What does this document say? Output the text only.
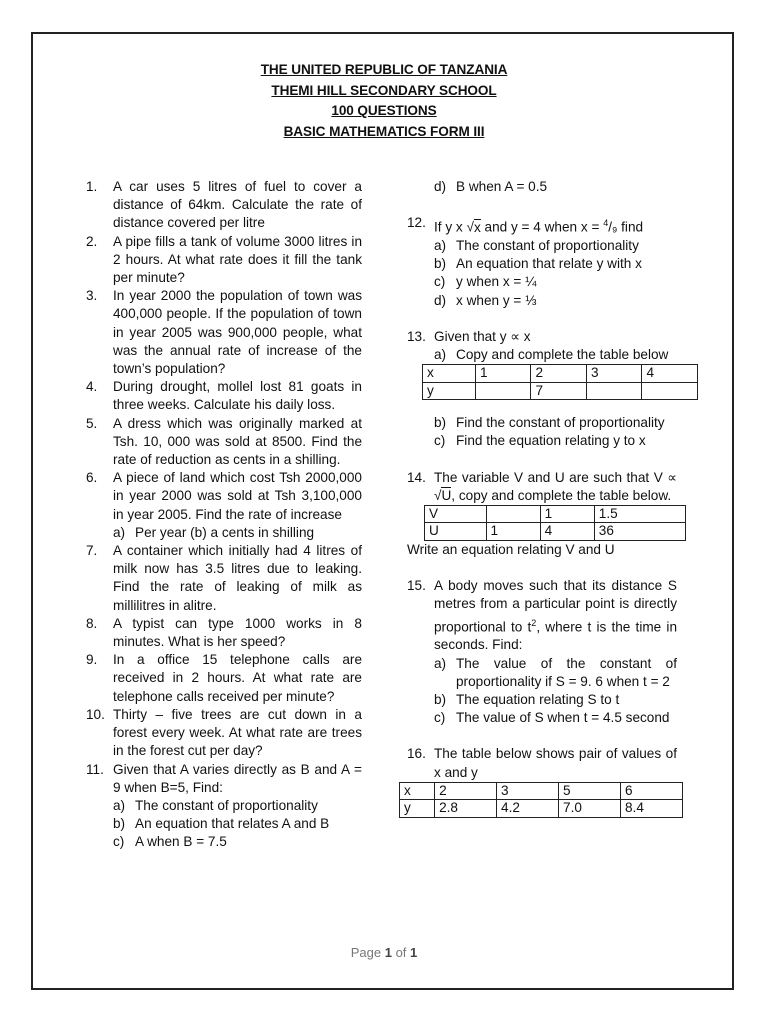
THE UNITED REPUBLIC OF TANZANIA
THEMI HILL SECONDARY SCHOOL
100 QUESTIONS
BASIC MATHEMATICS FORM III
1. A car uses 5 litres of fuel to cover a distance of 64km. Calculate the rate of distance covered per litre
2. A pipe fills a tank of volume 3000 litres in 2 hours. At what rate does it fill the tank per minute?
3. In year 2000 the population of town was 400,000 people. If the population of town in year 2005 was 900,000 people, what was the annual rate of increase of the town’s population?
4. During drought, mollel lost 81 goats in three weeks. Calculate his daily loss.
5. A dress which was originally marked at Tsh. 10, 000 was sold at 8500. Find the rate of reduction as cents in a shilling.
6. A piece of land which cost Tsh 2000,000 in year 2000 was sold at Tsh 3,100,000 in year 2005. Find the rate of increase
a) Per year (b) a cents in shilling
7. A container which initially had 4 litres of milk now has 3.5 litres due to leaking. Find the rate of leaking of milk as millilitres in alitre.
8. A typist can type 1000 works in 8 minutes. What is her speed?
9. In a office 15 telephone calls are received in 2 hours. At what rate are telephone calls received per minute?
10. Thirty – five trees are cut down in a forest every week. At what rate are trees in the forest cut per day?
11. Given that A varies directly as B and A = 9 when B=5, Find:
a) The constant of proportionality
b) An equation that relates A and B
c) A when B = 7.5
d) B when A = 0.5
12. If y x √x and y = 4 when x = $^4$/₉ find
a) The constant of proportionality
b) An equation that relate y with x
c) y when x = ¼
d) x when y = ⅓
13. Given that y ∝ x
a) Copy and complete the table below
x	1	2	3	4
y		7		
b) Find the constant of proportionality
c) Find the equation relating y to x
14. The variable V and U are such that V ∝ √U, copy and complete the table below.
V		1	1.5
U	1	4	36
Write an equation relating V and U
15. A body moves such that its distance S metres from a particular point is directly proportional to $t^2$, where t is the time in seconds. Find:
a) The value of the constant of proportionality if S = 9. 6 when t = 2
b) The equation relating S to t
c) The value of S when t = 4.5 second
16. The table below shows pair of values of x and y
x	2	3	5	6
y	2.8	4.2	7.0	8.4
Page 1 of 1
